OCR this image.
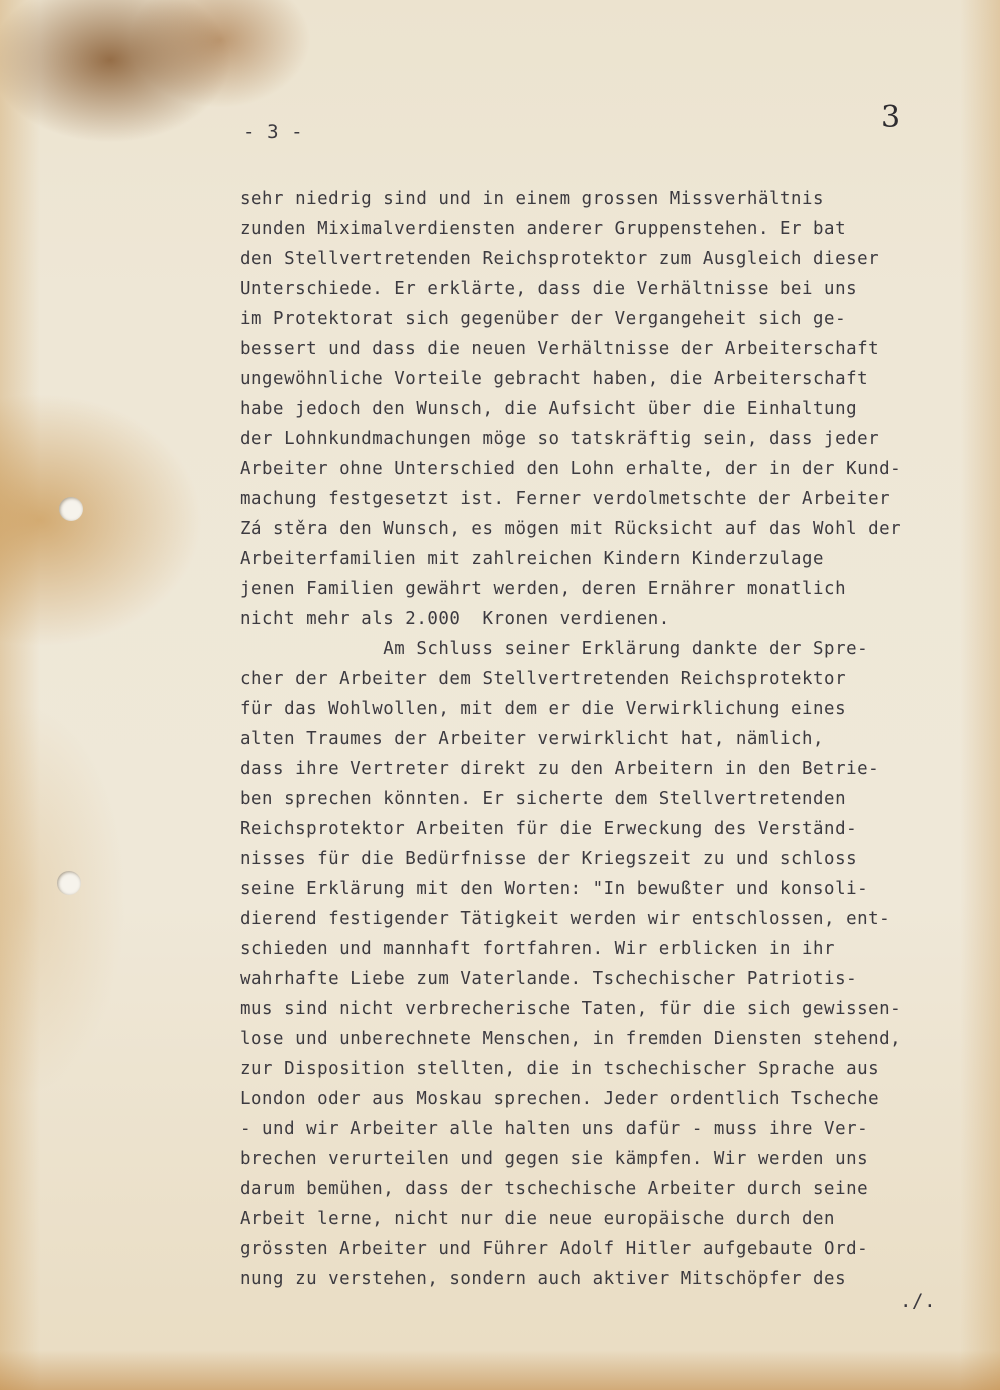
- 3 -	3
sehr niedrig sind und in einem grossen Missverhältnis
zunden Miximalverdiensten anderer Gruppenstehen. Er bat
den Stellvertretenden Reichsprotektor zum Ausgleich dieser
Unterschiede. Er erklärte, dass die Verhältnisse bei uns
im Protektorat sich gegenüber der Vergangeheit sich ge-
bessert und dass die neuen Verhältnisse der Arbeiterschaft
ungewöhnliche Vorteile gebracht haben, die Arbeiterschaft
habe jedoch den Wunsch, die Aufsicht über die Einhaltung
der Lohnkundmachungen möge so tatskräftig sein, dass jeder
Arbeiter ohne Unterschied den Lohn erhalte, der in der Kund-
machung festgesetzt ist. Ferner verdolmetschte der Arbeiter
Zá stěra den Wunsch, es mögen mit Rücksicht auf das Wohl der
Arbeiterfamilien mit zahlreichen Kindern Kinderzulage
jenen Familien gewährt werden, deren Ernährer monatlich
nicht mehr als 2.000  Kronen verdienen.
Am Schluss seiner Erklärung dankte der Spre-
cher der Arbeiter dem Stellvertretenden Reichsprotektor
für das Wohlwollen, mit dem er die Verwirklichung eines
alten Traumes der Arbeiter verwirklicht hat, nämlich,
dass ihre Vertreter direkt zu den Arbeitern in den Betrie-
ben sprechen könnten. Er sicherte dem Stellvertretenden
Reichsprotektor Arbeiten für die Erweckung des Verständ-
nisses für die Bedürfnisse der Kriegszeit zu und schloss
seine Erklärung mit den Worten: "In bewußter und konsoli-
dierend festigender Tätigkeit werden wir entschlossen, ent-
schieden und mannhaft fortfahren. Wir erblicken in ihr
wahrhafte Liebe zum Vaterlande. Tschechischer Patriotis-
mus sind nicht verbrecherische Taten, für die sich gewissen-
lose und unberechnete Menschen, in fremden Diensten stehend,
zur Disposition stellten, die in tschechischer Sprache aus
London oder aus Moskau sprechen. Jeder ordentlich Tscheche
- und wir Arbeiter alle halten uns dafür - muss ihre Ver-
brechen verurteilen und gegen sie kämpfen. Wir werden uns
darum bemühen, dass der tschechische Arbeiter durch seine
Arbeit lerne, nicht nur die neue europäische durch den
grössten Arbeiter und Führer Adolf Hitler aufgebaute Ord-
nung zu verstehen, sondern auch aktiver Mitschöpfer des
./.
